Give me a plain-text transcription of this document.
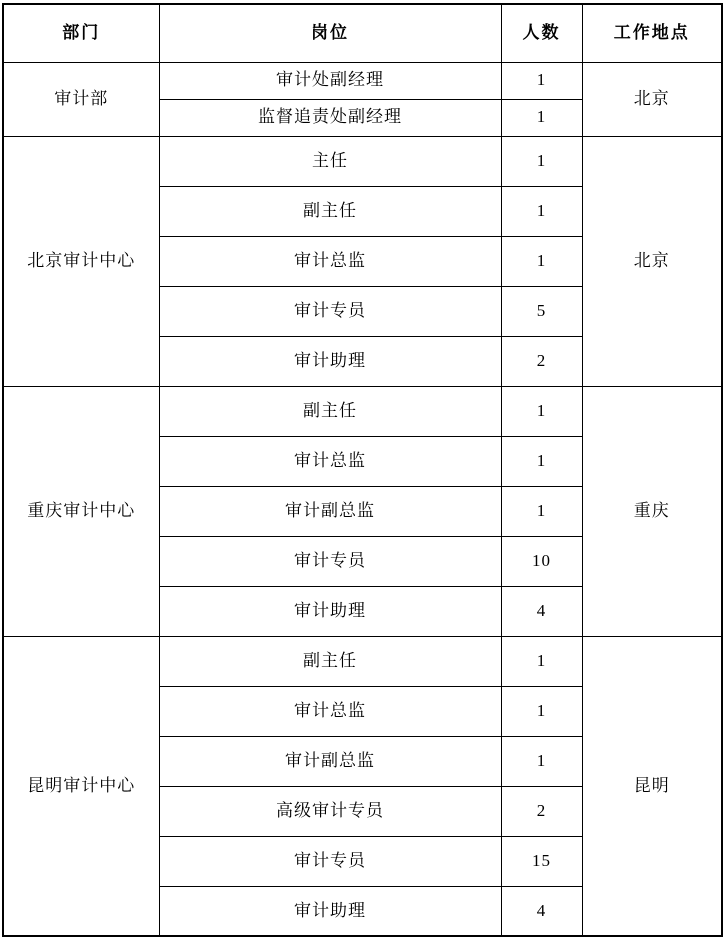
部门	岗位	人数	工作地点
审计部	审计处副经理	1	北京
	监督追责处副经理	1	
北京审计中心	主任	1	北京
	副主任	1	
	审计总监	1	
	审计专员	5	
	审计助理	2	
重庆审计中心	副主任	1	重庆
	审计总监	1	
	审计副总监	1	
	审计专员	10	
	审计助理	4	
昆明审计中心	副主任	1	昆明
	审计总监	1	
	审计副总监	1	
	高级审计专员	2	
	审计专员	15	
	审计助理	4	
